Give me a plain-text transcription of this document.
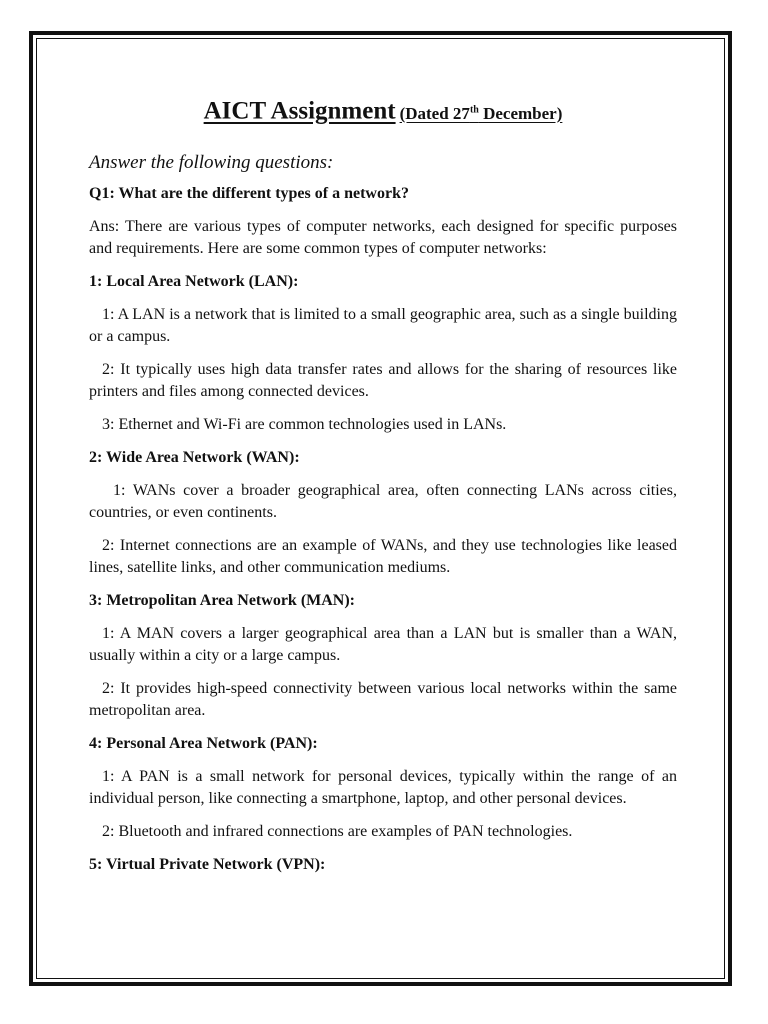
AICT Assignment (Dated 27th December)

Answer the following questions:

Q1: What are the different types of a network?

Ans: There are various types of computer networks, each designed for specific purposes and requirements. Here are some common types of computer networks:

1: Local Area Network (LAN):

1: A LAN is a network that is limited to a small geographic area, such as a single building or a campus.

2: It typically uses high data transfer rates and allows for the sharing of resources like printers and files among connected devices.

3: Ethernet and Wi-Fi are common technologies used in LANs.

2: Wide Area Network (WAN):

1: WANs cover a broader geographical area, often connecting LANs across cities, countries, or even continents.

2: Internet connections are an example of WANs, and they use technologies like leased lines, satellite links, and other communication mediums.

3: Metropolitan Area Network (MAN):

1: A MAN covers a larger geographical area than a LAN but is smaller than a WAN, usually within a city or a large campus.

2: It provides high-speed connectivity between various local networks within the same metropolitan area.

4: Personal Area Network (PAN):

1: A PAN is a small network for personal devices, typically within the range of an individual person, like connecting a smartphone, laptop, and other personal devices.

2: Bluetooth and infrared connections are examples of PAN technologies.

5: Virtual Private Network (VPN):
